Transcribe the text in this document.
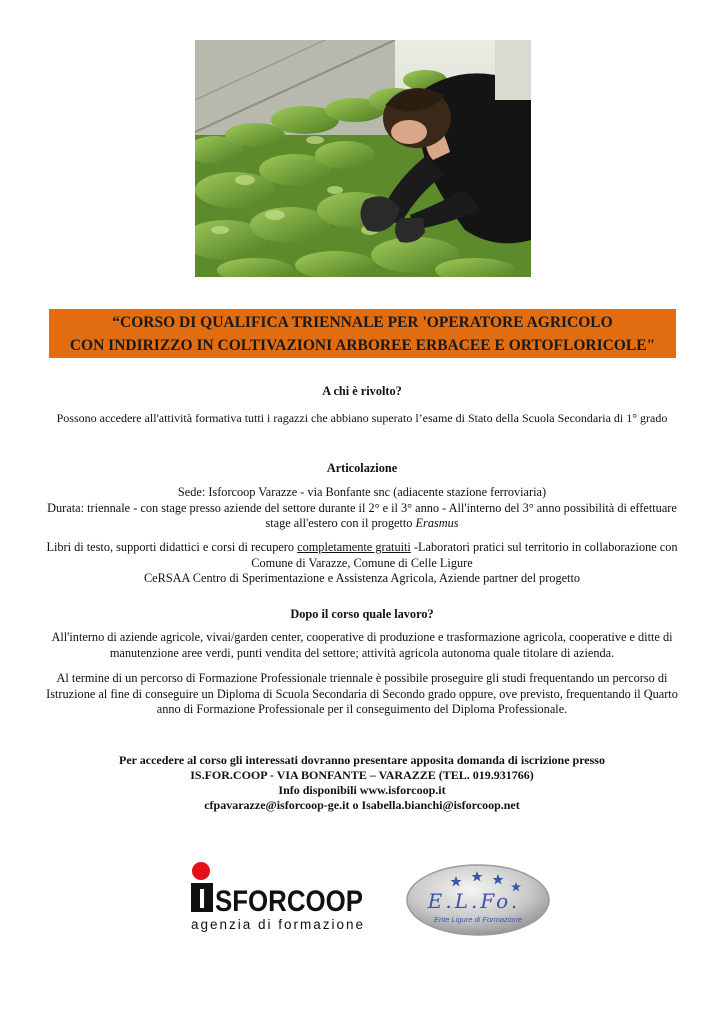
“CORSO DI QUALIFICA TRIENNALE PER 'OPERATORE AGRICOLO
CON INDIRIZZO IN COLTIVAZIONI ARBOREE ERBACEE E ORTOFLORICOLE"
A chi è rivolto?
Possono accedere all'attività formativa tutti i ragazzi che abbiano superato l’esame di Stato della Scuola Secondaria di 1° grado
Articolazione
Sede: Isforcoop Varazze - via Bonfante snc (adiacente stazione ferroviaria)
Durata: triennale - con stage presso aziende del settore durante il 2° e il 3° anno - All'interno del 3° anno possibilità di effettuare
stage all'estero con il progetto Erasmus
Libri di testo, supporti didattici e corsi di recupero completamente gratuiti -Laboratori pratici sul territorio in collaborazione con
Comune di Varazze, Comune di Celle Ligure
CeRSAA Centro di Sperimentazione e Assistenza Agricola, Aziende partner del progetto
Dopo il corso quale lavoro?
All'interno di aziende agricole, vivai/garden center, cooperative di produzione e trasformazione agricola, cooperative e ditte di
manutenzione aree verdi, punti vendita del settore; attività agricola autonoma quale titolare di azienda.
Al termine di un percorso di Formazione Professionale triennale è possibile proseguire gli studi frequentando un percorso di
Istruzione al fine di conseguire un Diploma di Scuola Secondaria di Secondo grado oppure, ove previsto, frequentando il Quarto
anno di Formazione Professionale per il conseguimento del Diploma Professionale.
Per accedere al corso gli interessati dovranno presentare apposita domanda di iscrizione presso
IS.FOR.COOP - VIA BONFANTE – VARAZZE (TEL. 019.931766)
Info disponibili www.isforcoop.it
cfpavarazze@isforcoop-ge.it o Isabella.bianchi@isforcoop.net
I SFORCOOP
agenzia di formazione
E.L.Fo.
Ente Ligure di Formazione
